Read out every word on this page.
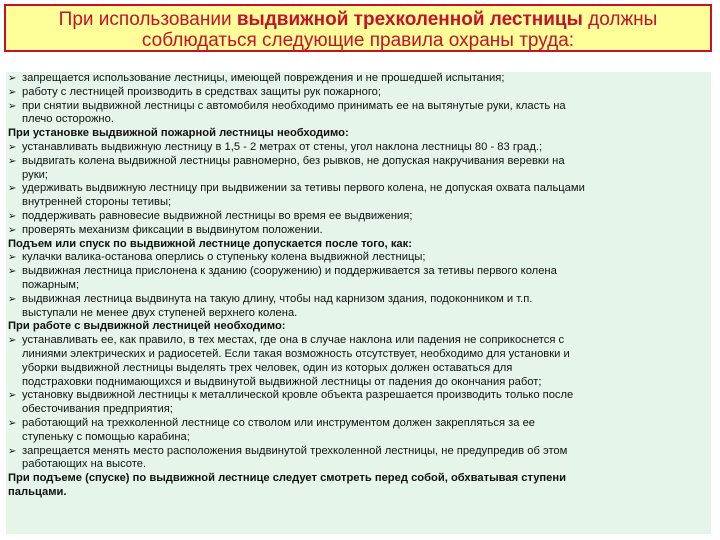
При использовании выдвижной трехколенной лестницы должны
соблюдаться следующие правила охраны труда:
➢ запрещается использование лестницы, имеющей повреждения и не прошедшей испытания;
➢ работу с лестницей производить в средствах защиты рук пожарного;
➢ при снятии выдвижной лестницы с автомобиля необходимо принимать ее на вытянутые руки, класть на
плечо осторожно.
При установке выдвижной пожарной лестницы необходимо:
➢ устанавливать выдвижную лестницу в 1,5 - 2 метрах от стены, угол наклона лестницы 80 - 83 град.;
➢ выдвигать колена выдвижной лестницы равномерно, без рывков, не допуская накручивания веревки на
руки;
➢ удерживать выдвижную лестницу при выдвижении за тетивы первого колена, не допуская охвата пальцами
внутренней стороны тетивы;
➢ поддерживать равновесие выдвижной лестницы во время ее выдвижения;
➢ проверять механизм фиксации в выдвинутом положении.
Подъем или спуск по выдвижной лестнице допускается после того, как:
➢ кулачки валика-останова оперлись о ступеньку колена выдвижной лестницы;
➢ выдвижная лестница прислонена к зданию (сооружению) и поддерживается за тетивы первого колена
пожарным;
➢ выдвижная лестница выдвинута на такую длину, чтобы над карнизом здания, подоконником и т.п.
выступали не менее двух ступеней верхнего колена.
При работе с выдвижной лестницей необходимо:
➢ устанавливать ее, как правило, в тех местах, где она в случае наклона или падения не соприкоснется с
линиями электрических и радиосетей. Если такая возможность отсутствует, необходимо для установки и
уборки выдвижной лестницы выделять трех человек, один из которых должен оставаться для
подстраховки поднимающихся и выдвинутой выдвижной лестницы от падения до окончания работ;
➢ установку выдвижной лестницы к металлической кровле объекта разрешается производить только после
обесточивания предприятия;
➢ работающий на трехколенной лестнице со стволом или инструментом должен закрепляться за ее
ступеньку с помощью карабина;
➢ запрещается менять место расположения выдвинутой трехколенной лестницы, не предупредив об этом
работающих на высоте.
При подъеме (спуске) по выдвижной лестнице следует смотреть перед собой, обхватывая ступени
пальцами.
